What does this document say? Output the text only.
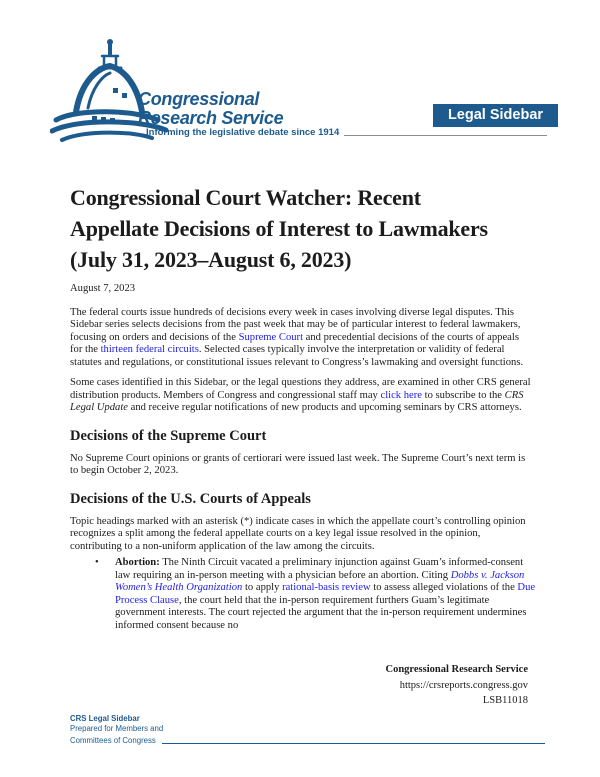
Congressional
Research Service
Informing the legislative debate since 1914
Legal Sidebar
Congressional Court Watcher: Recent
Appellate Decisions of Interest to Lawmakers
(July 31, 2023–August 6, 2023)

August 7, 2023

The federal courts issue hundreds of decisions every week in cases involving diverse legal disputes. This Sidebar series selects decisions from the past week that may be of particular interest to federal lawmakers, focusing on orders and decisions of the Supreme Court and precedential decisions of the courts of appeals for the thirteen federal circuits. Selected cases typically involve the interpretation or validity of federal statutes and regulations, or constitutional issues relevant to Congress’s lawmaking and oversight functions.

Some cases identified in this Sidebar, or the legal questions they address, are examined in other CRS general distribution products. Members of Congress and congressional staff may click here to subscribe to the CRS Legal Update and receive regular notifications of new products and upcoming seminars by CRS attorneys.

Decisions of the Supreme Court

No Supreme Court opinions or grants of certiorari were issued last week. The Supreme Court’s next term is to begin October 2, 2023.

Decisions of the U.S. Courts of Appeals

Topic headings marked with an asterisk (*) indicate cases in which the appellate court’s controlling opinion recognizes a split among the federal appellate courts on a key legal issue resolved in the opinion, contributing to a non-uniform application of the law among the circuits.

•	Abortion: The Ninth Circuit vacated a preliminary injunction against Guam’s informed-consent law requiring an in-person meeting with a physician before an abortion. Citing Dobbs v. Jackson Women’s Health Organization to apply rational-basis review to assess alleged violations of the Due Process Clause, the court held that the in-person requirement furthers Guam’s legitimate government interests. The court rejected the argument that the in-person requirement undermines informed consent because no
Congressional Research Service
https://crsreports.congress.gov
LSB11018
CRS Legal Sidebar
Prepared for Members and
Committees of Congress
